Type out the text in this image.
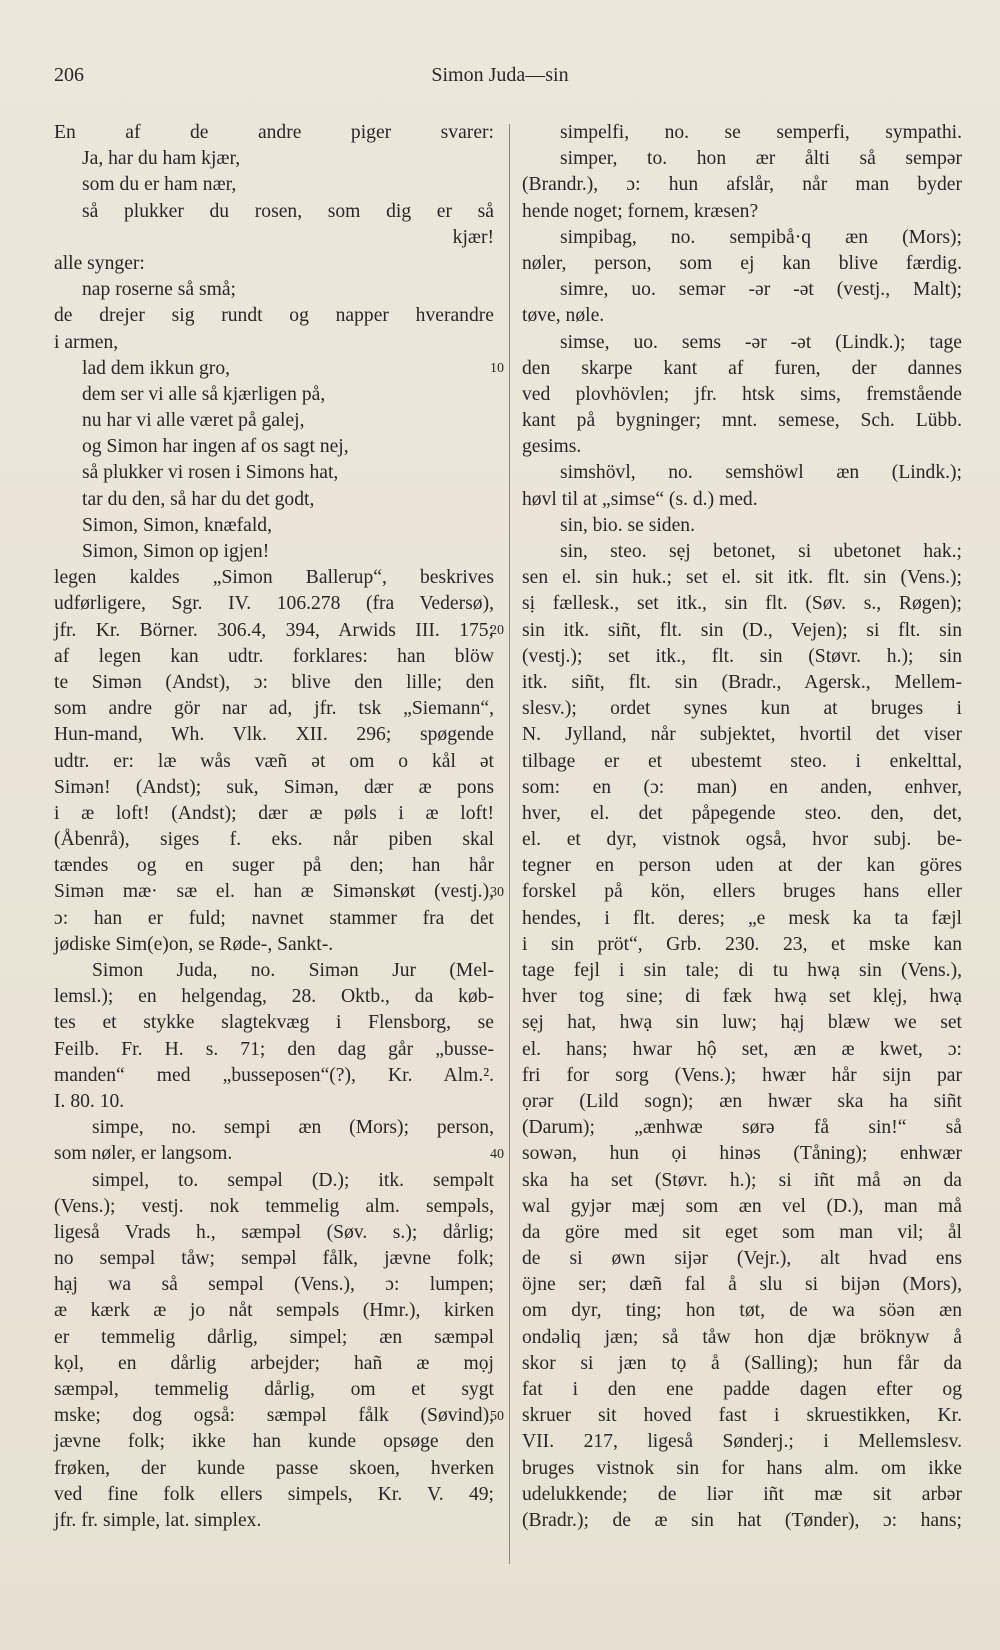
206	Simon Juda—sin
En af de andre piger svarer:
Ja, har du ham kjær,
som du er ham nær,
så plukker du rosen, som dig er så
kjær!
alle synger:
nap roserne så små;
de drejer sig rundt og napper hverandre
i armen,
lad dem ikkun gro,
dem ser vi alle så kjærligen på,
nu har vi alle været på galej,
og Simon har ingen af os sagt nej,
så plukker vi rosen i Simons hat,
tar du den, så har du det godt,
Simon, Simon, knæfald,
Simon, Simon op igjen!
legen kaldes „Simon Ballerup“, beskrives
udførligere, Sgr. IV. 106.278 (fra Vedersø),
jfr. Kr. Börner. 306.4, 394, Arwids III. 175;
af legen kan udtr. forklares: han blöw
te Simən (Andst), ɔ: blive den lille; den
som andre gör nar ad, jfr. tsk „Siemann“,
Hun-mand, Wh. Vlk. XII. 296; spøgende
udtr. er: læ wås væñ ət om o kål ət
Simən! (Andst); suk, Simən, dær æ pons
i æ loft! (Andst); dær æ pøls i æ loft!
(Åbenrå), siges f. eks. når piben skal
tændes og en suger på den; han hår
Simən mæ· sæ el. han æ Simənskøt (vestj.),
ɔ: han er fuld; navnet stammer fra det
jødiske Sim(e)on, se Røde-, Sankt-.
Simon Juda, no. Simən Jur (Mel-
lemsl.); en helgendag, 28. Oktb., da køb-
tes et stykke slagtekvæg i Flensborg, se
Feilb. Fr. H. s. 71; den dag går „busse-
manden“ med „busseposen“(?), Kr. Alm.².
I. 80. 10.
simpe, no. sempi æn (Mors); person,
som nøler, er langsom.
simpel, to. sempəl (D.); itk. sempəlt
(Vens.); vestj. nok temmelig alm. sempəls,
ligeså Vrads h., sæmpəl (Søv. s.); dårlig;
no sempəl tåw; sempəl fålk, jævne folk;
hạj wa så sempəl (Vens.), ɔ: lumpen;
æ kærk æ jo nåt sempəls (Hmr.), kirken
er temmelig dårlig, simpel; æn sæmpəl
kọl, en dårlig arbejder; hañ æ mọj
sæmpəl, temmelig dårlig, om et sygt
mske; dog også: sæmpəl fålk (Søvind),
jævne folk; ikke han kunde opsøge den
frøken, der kunde passe skoen, hverken
ved fine folk ellers simpels, Kr. V. 49;
jfr. fr. simple, lat. simplex.
10
20
30
40
50
simpelfi, no. se semperfi, sympathi.
simper, to. hon ær ålti så sempər
(Brandr.), ɔ: hun afslår, når man byder
hende noget; fornem, kræsen?
simpibag, no. sempibå·q æn (Mors);
nøler, person, som ej kan blive færdig.
simre, uo. semər -ər -ət (vestj., Malt);
tøve, nøle.
simse, uo. sems -ər -ət (Lindk.); tage
den skarpe kant af furen, der dannes
ved plovhövlen; jfr. htsk sims, fremstående
kant på bygninger; mnt. semese, Sch. Lübb.
gesims.
simshövl, no. semshöwl æn (Lindk.);
høvl til at „simse“ (s. d.) med.
sin, bio. se siden.
sin, steo. sẹj betonet, si ubetonet hak.;
sen el. sin huk.; set el. sit itk. flt. sin (Vens.);
sị fællesk., set itk., sin flt. (Søv. s., Røgen);
sin itk. siñt, flt. sin (D., Vejen); si flt. sin
(vestj.); set itk., flt. sin (Støvr. h.); sin
itk. siñt, flt. sin (Bradr., Agersk., Mellem-
slesv.); ordet synes kun at bruges i
N. Jylland, når subjektet, hvortil det viser
tilbage er et ubestemt steo. i enkelttal,
som: en (ɔ: man) en anden, enhver,
hver, el. det påpegende steo. den, det,
el. et dyr, vistnok også, hvor subj. be-
tegner en person uden at der kan göres
forskel på kön, ellers bruges hans eller
hendes, i flt. deres; „e mesk ka ta fæjl
i sin pröt“, Grb. 230. 23, et mske kan
tage fejl i sin tale; di tu hwạ sin (Vens.),
hver tog sine; di fæk hwạ set klẹj, hwạ
sẹj hat, hwạ sin luw; hạj blæw we set
el. hans; hwar hộ set, æn æ kwet, ɔ:
fri for sorg (Vens.); hwær hår sijn par
ọrər (Lild sogn); æn hwær ska ha siñt
(Darum); „ænhwæ sørə få sin!“ så
sowən, hun ọi hinəs (Tåning); enhwær
ska ha set (Støvr. h.); si iñt må ən da
wal gyjər mæj som æn vel (D.), man må
da göre med sit eget som man vil; ål
de si øwn sijər (Vejr.), alt hvad ens
öjne ser; dæñ fal å slu si bijən (Mors),
om dyr, ting; hon tøt, de wa söən æn
ondəliq jæn; så tåw hon djæ bröknyw å
skor si jæn tọ å (Salling); hun får da
fat i den ene padde dagen efter og
skruer sit hoved fast i skruestikken, Kr.
VII. 217, ligeså Sønderj.; i Mellemslesv.
bruges vistnok sin for hans alm. om ikke
udelukkende; de liər iñt mæ sit arbər
(Bradr.); de æ sin hat (Tønder), ɔ: hans;
